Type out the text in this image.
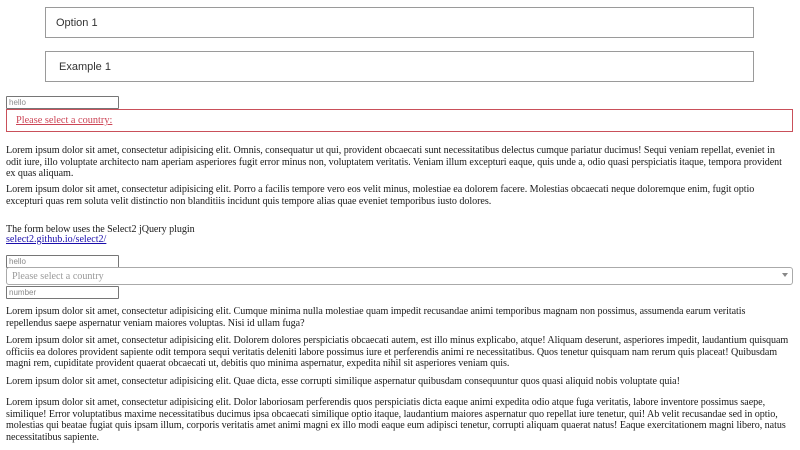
Option 1
Example 1
hello
Please select a country:

Lorem ipsum dolor sit amet, consectetur adipisicing elit. Omnis, consequatur ut qui, provident obcaecati sunt necessitatibus delectus cumque pariatur ducimus! Sequi veniam repellat, eveniet in odit iure, illo voluptate architecto nam aperiam asperiores fugit error minus non, voluptatem veritatis. Veniam illum excepturi eaque, quis unde a, odio quasi perspiciatis itaque, tempora provident ex quas aliquam.

Lorem ipsum dolor sit amet, consectetur adipisicing elit. Porro a facilis tempore vero eos velit minus, molestiae ea dolorem facere. Molestias obcaecati neque doloremque enim, fugit optio excepturi quas rem soluta velit distinctio non blanditiis incidunt quis tempore alias quae eveniet temporibus iusto dolores.

The form below uses the Select2 jQuery plugin

select2.github.io/select2/
hello
Please select a country
number

Lorem ipsum dolor sit amet, consectetur adipisicing elit. Cumque minima nulla molestiae quam impedit recusandae animi temporibus magnam non possimus, assumenda earum veritatis repellendus saepe aspernatur veniam maiores voluptas. Nisi id ullam fuga?

Lorem ipsum dolor sit amet, consectetur adipisicing elit. Dolorem dolores perspiciatis obcaecati autem, est illo minus explicabo, atque! Aliquam deserunt, asperiores impedit, laudantium quisquam officiis ea dolores provident sapiente odit tempora sequi veritatis deleniti labore possimus iure et perferendis animi re necessitatibus. Quos tenetur quisquam nam rerum quis placeat! Quibusdam magni rem, cupiditate provident quaerat obcaecati ut, debitis quo minima aspernatur, expedita nihil sit asperiores veniam quis.

Lorem ipsum dolor sit amet, consectetur adipisicing elit. Quae dicta, esse corrupti similique aspernatur quibusdam consequuntur quos quasi aliquid nobis voluptate quia!

Lorem ipsum dolor sit amet, consectetur adipisicing elit. Dolor laboriosam perferendis quos perspiciatis dicta eaque animi expedita odio atque fuga veritatis, labore inventore possimus saepe, similique! Error voluptatibus maxime necessitatibus ducimus ipsa obcaecati similique optio itaque, laudantium maiores aspernatur quo repellat iure tenetur, qui! Ab velit recusandae sed in optio, molestias qui beatae fugiat quis ipsam illum, corporis veritatis amet animi magni ex illo modi eaque eum adipisci tenetur, corrupti aliquam quaerat natus! Eaque exercitationem magni libero, natus necessitatibus sapiente.
